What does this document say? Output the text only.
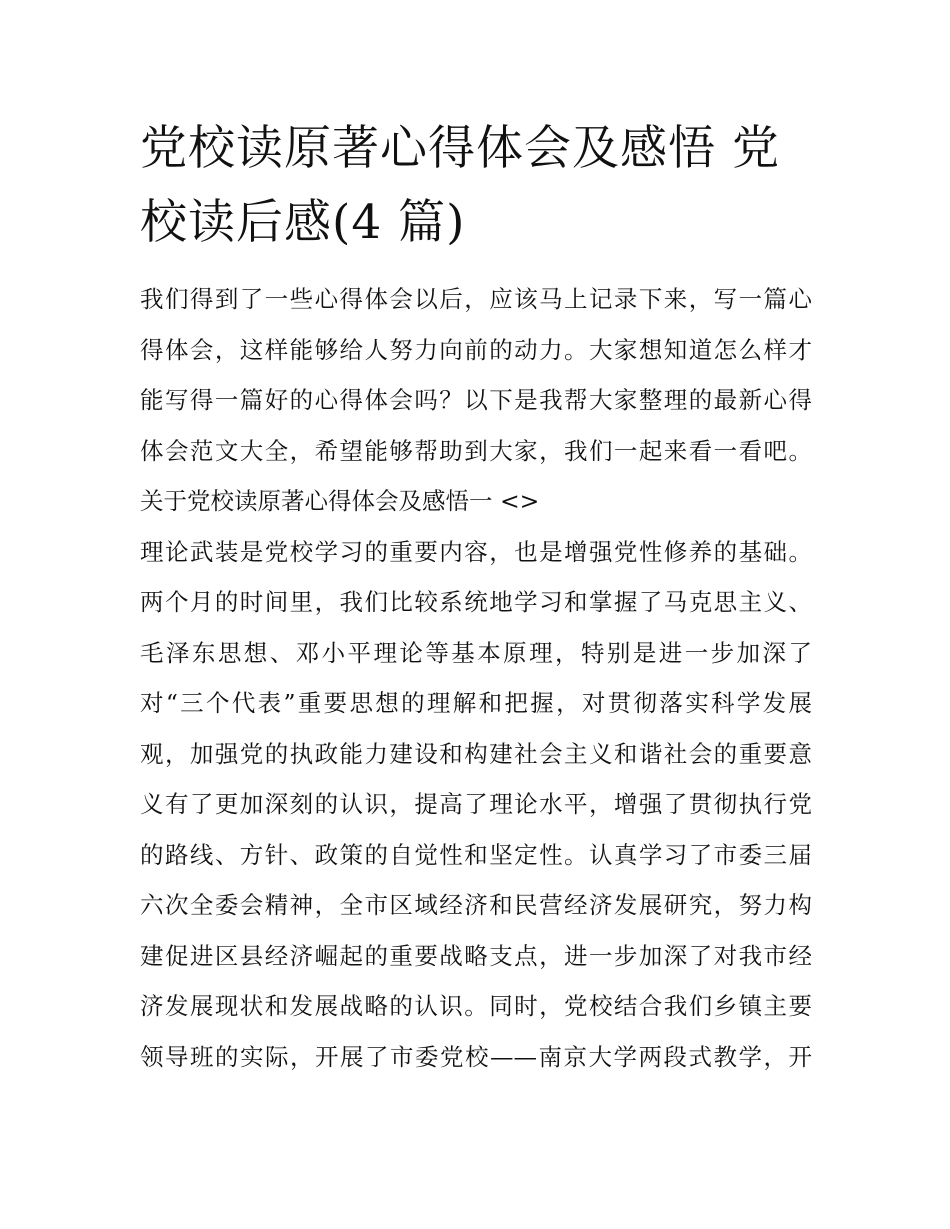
党校读原著心得体会及感悟 党
校读后感(4 篇)
我们得到了一些心得体会以后，应该马上记录下来，写一篇心
得体会，这样能够给人努力向前的动力。大家想知道怎么样才
能写得一篇好的心得体会吗？以下是我帮大家整理的最新心得
体会范文大全，希望能够帮助到大家，我们一起来看一看吧。
关于党校读原著心得体会及感悟一 <>
理论武装是党校学习的重要内容，也是增强党性修养的基础。
两个月的时间里，我们比较系统地学习和掌握了马克思主义、
毛泽东思想、邓小平理论等基本原理，特别是进一步加深了
对“三个代表”重要思想的理解和把握，对贯彻落实科学发展
观，加强党的执政能力建设和构建社会主义和谐社会的重要意
义有了更加深刻的认识，提高了理论水平，增强了贯彻执行党
的路线、方针、政策的自觉性和坚定性。认真学习了市委三届
六次全委会精神，全市区域经济和民营经济发展研究，努力构
建促进区县经济崛起的重要战略支点，进一步加深了对我市经
济发展现状和发展战略的认识。同时，党校结合我们乡镇主要
领导班的实际，开展了市委党校——南京大学两段式教学，开
